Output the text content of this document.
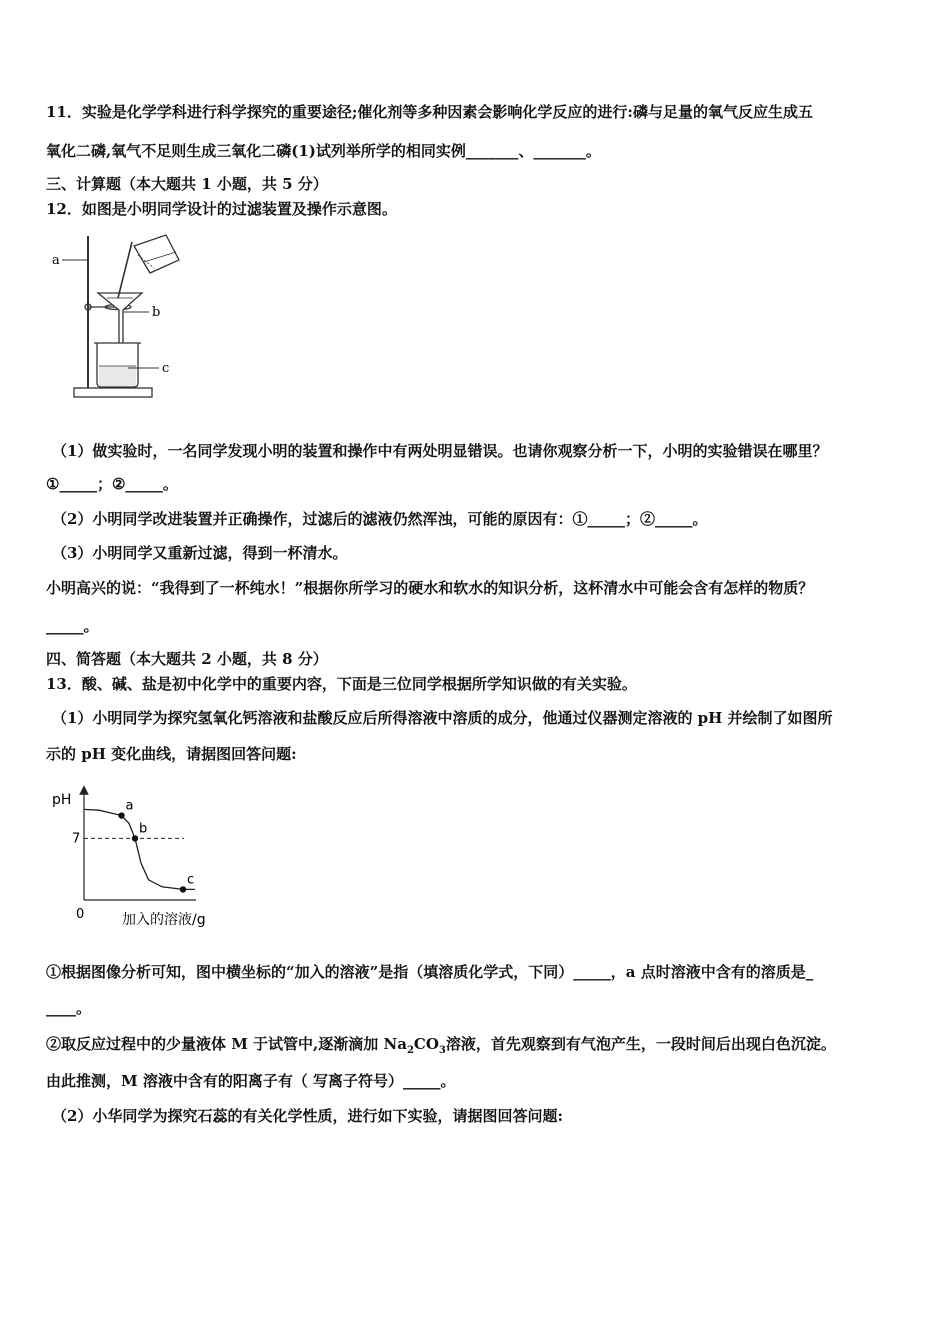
11．实验是化学学科进行科学探究的重要途径;催化剂等多种因素会影响化学反应的进行:磷与足量的氧气反应生成五
氧化二磷,氧气不足则生成三氧化二磷(1)试列举所学的相同实例_______、_______。
三、计算题（本大题共 1 小题，共 5 分）
12．如图是小明同学设计的过滤装置及操作示意图。
a
b
c
（1）做实验时，一名同学发现小明的装置和操作中有两处明显错误。也请你观察分析一下，小明的实验错误在哪里？
①_____；②_____。
（2）小明同学改进装置并正确操作，过滤后的滤液仍然浑浊，可能的原因有：①_____；②_____。
（3）小明同学又重新过滤，得到一杯清水。
小明高兴的说：“我得到了一杯纯水！”根据你所学习的硬水和软水的知识分析，这杯清水中可能会含有怎样的物质？
_____。
四、简答题（本大题共 2 小题，共 8 分）
13．酸、碱、盐是初中化学中的重要内容，下面是三位同学根据所学知识做的有关实验。
（1）小明同学为探究氢氧化钙溶液和盐酸反应后所得溶液中溶质的成分，他通过仪器测定溶液的 pH 并绘制了如图所
示的 pH 变化曲线，请据图回答问题:
pH
0	加入的溶液/g
7
a
b
c
①根据图像分析可知，图中横坐标的“加入的溶液”是指（填溶质化学式，下同）_____，a 点时溶液中含有的溶质是_
____。
②取反应过程中的少量液体 M 于试管中,逐渐滴加 $Na_2CO_3$溶液，首先观察到有气泡产生，一段时间后出现白色沉淀。
由此推测，M 溶液中含有的阳离子有（ 写离子符号）_____。
（2）小华同学为探究石蕊的有关化学性质，进行如下实验，请据图回答问题:
